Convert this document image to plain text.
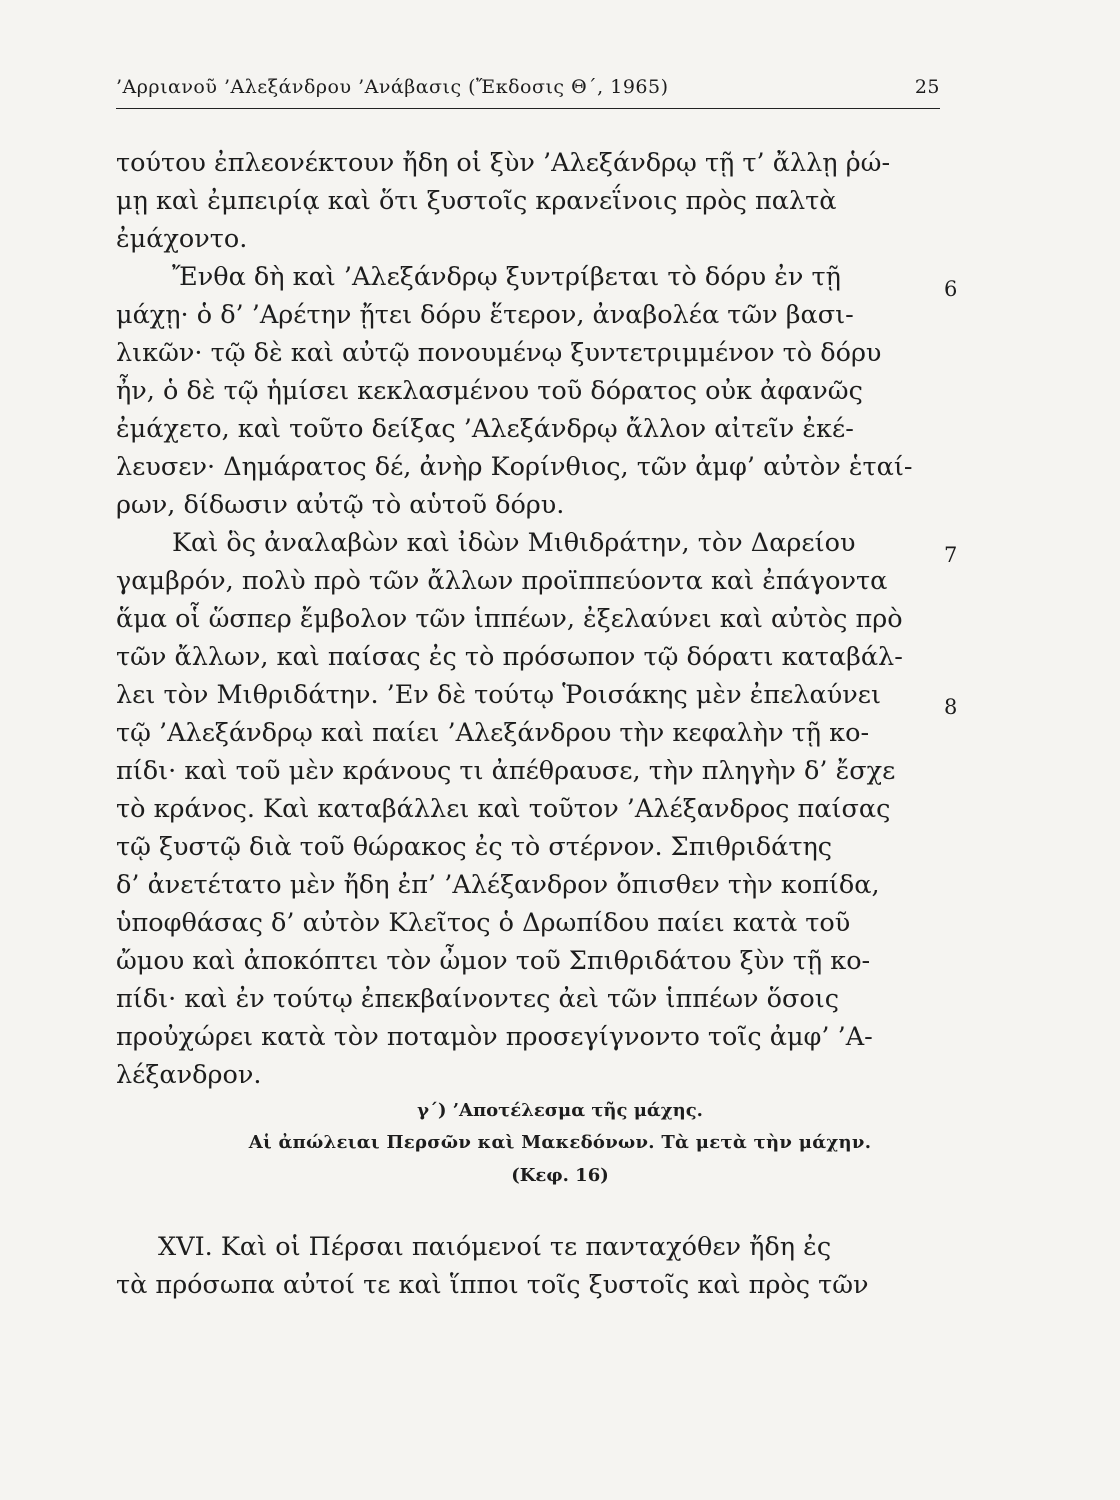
’Αρριανοῦ ’Αλεξάνδρου ’Ανάβασις (Ἔκδοσις Θ΄, 1965)	25
τούτου ἐπλεονέκτουν ἤδη οἱ ξὺν ’Αλεξάνδρῳ τῇ τ’ ἄλλῃ ῥώ-
μῃ καὶ ἐμπειρίᾳ καὶ ὅτι ξυστοῖς κρανεΐνοις πρὸς παλτὰ
ἐμάχοντο.
Ἔνθα δὴ καὶ ’Αλεξάνδρῳ ξυντρίβεται τὸ δόρυ ἐν τῇ
μάχῃ· ὁ δ’ ’Αρέτην ᾔτει δόρυ ἕτερον, ἀναβολέα τῶν βασι-
λικῶν· τῷ δὲ καὶ αὐτῷ πονουμένῳ ξυντετριμμένον τὸ δόρυ
ἦν, ὁ δὲ τῷ ἡμίσει κεκλασμένου τοῦ δόρατος οὐκ ἀφανῶς
ἐμάχετο, καὶ τοῦτο δείξας ’Αλεξάνδρῳ ἄλλον αἰτεῖν ἐκέ-
λευσεν· Δημάρατος δέ, ἀνὴρ Κορίνθιος, τῶν ἀμφ’ αὐτὸν ἑταί-
ρων, δίδωσιν αὐτῷ τὸ αὑτοῦ δόρυ.
Καὶ ὃς ἀναλαβὼν καὶ ἰδὼν Μιθιδράτην, τὸν Δαρείου
γαμβρόν, πολὺ πρὸ τῶν ἄλλων προϊππεύοντα καὶ ἐπάγοντα
ἅμα οἷ ὥσπερ ἔμβολον τῶν ἱππέων, ἐξελαύνει καὶ αὐτὸς πρὸ
τῶν ἄλλων, καὶ παίσας ἐς τὸ πρόσωπον τῷ δόρατι καταβάλ-
λει τὸν Μιθριδάτην. ’Εν δὲ τούτῳ Ῥοισάκης μὲν ἐπελαύνει
τῷ ’Αλεξάνδρῳ καὶ παίει ’Αλεξάνδρου τὴν κεφαλὴν τῇ κο-
πίδι· καὶ τοῦ μὲν κράνους τι ἀπέθραυσε, τὴν πληγὴν δ’ ἔσχε
τὸ κράνος. Καὶ καταβάλλει καὶ τοῦτον ’Αλέξανδρος παίσας
τῷ ξυστῷ διὰ τοῦ θώρακος ἐς τὸ στέρνον. Σπιθριδάτης
δ’ ἀνετέτατο μὲν ἤδη ἐπ’ ’Αλέξανδρον ὄπισθεν τὴν κοπίδα,
ὑποφθάσας δ’ αὐτὸν Κλεῖτος ὁ Δρωπίδου παίει κατὰ τοῦ
ὤμου καὶ ἀποκόπτει τὸν ὦμον τοῦ Σπιθριδάτου ξὺν τῇ κο-
πίδι· καὶ ἐν τούτῳ ἐπεκβαίνοντες ἀεὶ τῶν ἱππέων ὅσοις
προὐχώρει κατὰ τὸν ποταμὸν προσεγίγνοντο τοῖς ἀμφ’ ’Α-
λέξανδρον.
6
7
8
γ΄) ’Αποτέλεσμα τῆς μάχης.
Αἱ ἀπώλειαι Περσῶν καὶ Μακεδόνων. Τὰ μετὰ τὴν μάχην.
(Κεφ. 16)
XVI. Καὶ οἱ Πέρσαι παιόμενοί τε πανταχόθεν ἤδη ἐς
τὰ πρόσωπα αὐτοί τε καὶ ἵπποι τοῖς ξυστοῖς καὶ πρὸς τῶν
